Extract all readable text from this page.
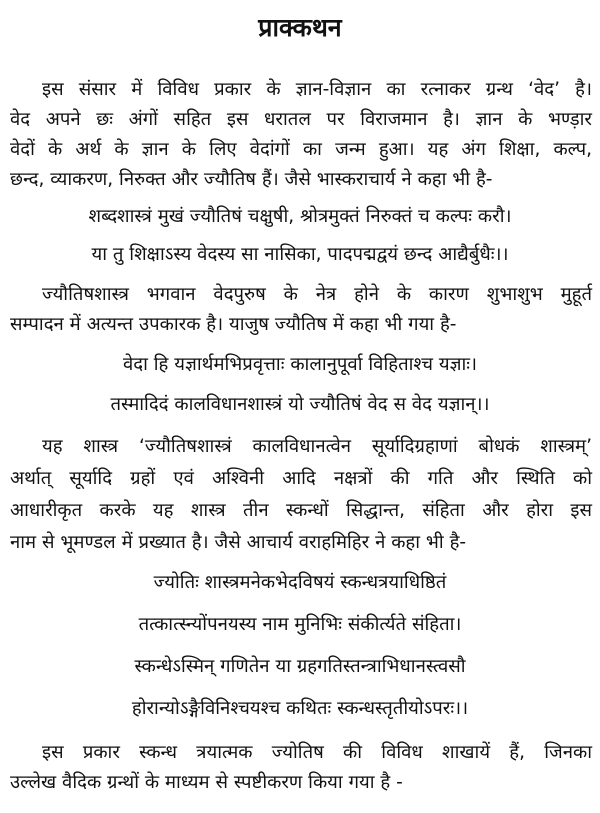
प्राक्कथन
इस संसार में विविध प्रकार के ज्ञान-विज्ञान का रत्नाकर ग्रन्थ ‘वेद’ है।
वेद अपने छः अंगों सहित इस धरातल पर विराजमान है। ज्ञान के भण्ड़ार
वेदों के अर्थ के ज्ञान के लिए वेदांगों का जन्म हुआ। यह अंग शिक्षा, कल्प,
छन्द, व्याकरण, निरुक्त और ज्यौतिष हैं। जैसे भास्कराचार्य ने कहा भी है-
शब्दशास्त्रं मुखं ज्यौतिषं चक्षुषी, श्रोत्रमुक्तं निरुक्तं च कल्पः करौ।
या तु शिक्षाऽस्य वेदस्य सा नासिका, पादपद्मद्वयं छन्द आद्यैर्बुधैः।।
ज्यौतिषशास्त्र भगवान वेदपुरुष के नेत्र होने के कारण शुभाशुभ मुहूर्त
सम्पादन में अत्यन्त उपकारक है। याजुष ज्यौतिष में कहा भी गया है-
वेदा हि यज्ञार्थमभिप्रवृत्ताः कालानुपूर्वा विहिताश्च यज्ञाः।
तस्मादिदं कालविधानशास्त्रं यो ज्यौतिषं वेद स वेद यज्ञान्।।
यह शास्त्र ‘ज्यौतिषशास्त्रं कालविधानत्वेन सूर्यादिग्रहाणां बोधकं शास्त्रम्’
अर्थात् सूर्यादि ग्रहों एवं अश्विनी आदि नक्षत्रों की गति और स्थिति को
आधारीकृत करके यह शास्त्र तीन स्कन्धों सिद्धान्त, संहिता और होरा इस
नाम से भूमण्डल में प्रख्यात है। जैसे आचार्य वराहमिहिर ने कहा भी है-
ज्योतिः शास्त्रमनेकभेदविषयं स्कन्धत्रयाधिष्ठितं
तत्कात्स्न्योंपनयस्य नाम मुनिभिः संकीर्त्यते संहिता।
स्कन्धेऽस्मिन् गणितेन या ग्रहगतिस्तन्त्राभिधानस्त्वसौ
होरान्योऽङ्गैविनिश्चयश्च कथितः स्कन्धस्तृतीयोऽपरः।।
इस प्रकार स्कन्ध त्रयात्मक ज्योतिष की विविध शाखायें हैं, जिनका
उल्लेख वैदिक ग्रन्थों के माध्यम से स्पष्टीकरण किया गया है -
